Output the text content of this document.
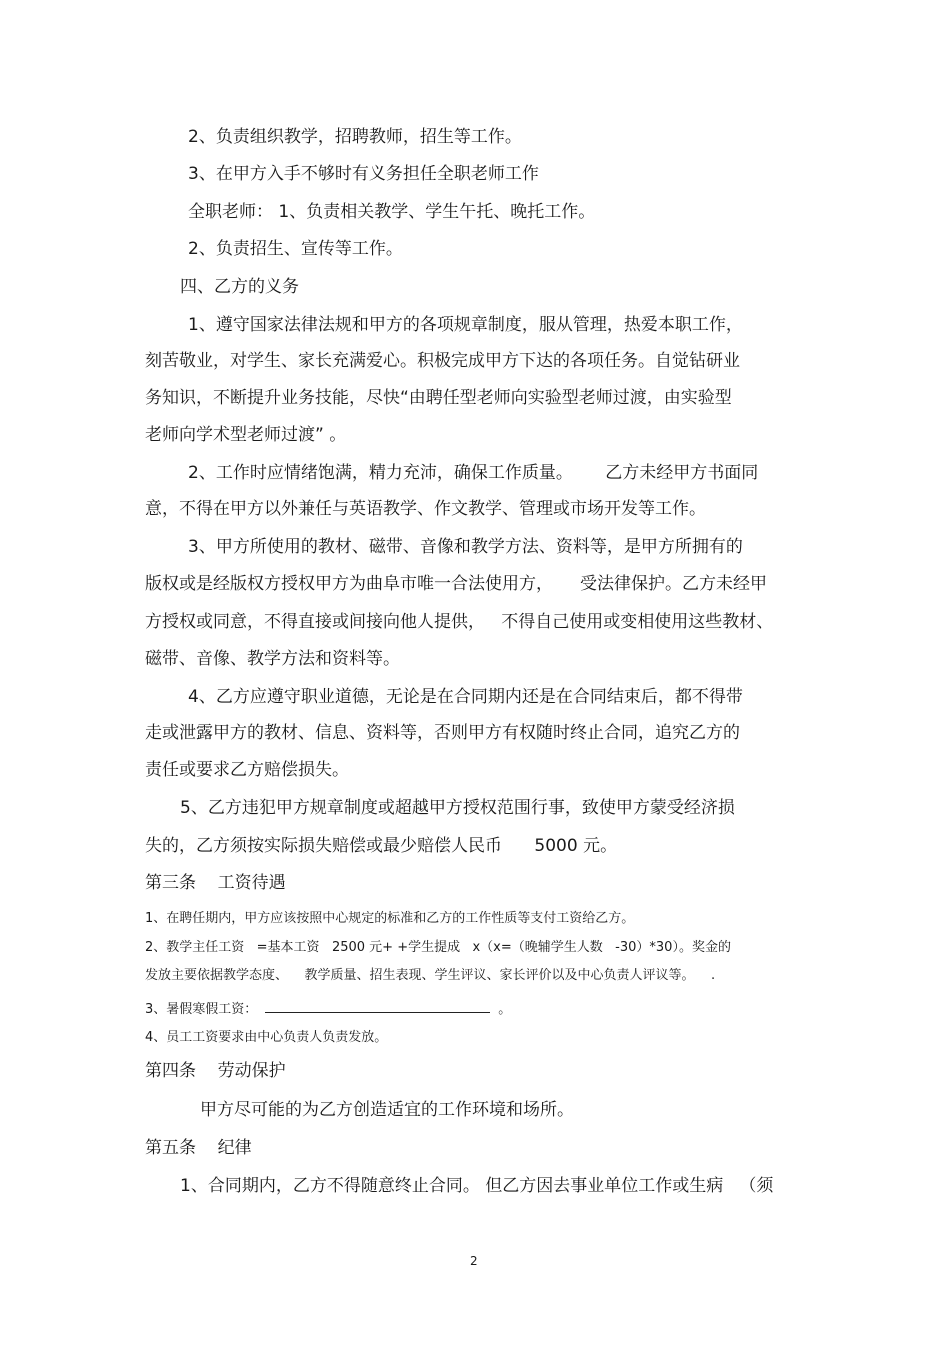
2、负责组织教学，招聘教师，招生等工作。
3、在甲方入手不够时有义务担任全职老师工作
全职老师： 1、负责相关教学、学生午托、晚托工作。
2、负责招生、宣传等工作。
四、乙方的义务
1、遵守国家法律法规和甲方的各项规章制度，服从管理，热爱本职工作，
刻苦敬业，对学生、家长充满爱心。积极完成甲方下达的各项任务。自觉钻研业
务知识，不断提升业务技能，尽快“由聘任型老师向实验型老师过渡，由实验型
老师向学术型老师过渡” 。
2、工作时应情绪饱满，精力充沛，确保工作质量。      乙方未经甲方书面同
意，不得在甲方以外兼任与英语教学、作文教学、管理或市场开发等工作。
3、甲方所使用的教材、磁带、音像和教学方法、资料等，是甲方所拥有的
版权或是经版权方授权甲方为曲阜市唯一合法使用方，     受法律保护。乙方未经甲
方授权或同意，不得直接或间接向他人提供，   不得自己使用或变相使用这些教材、
磁带、音像、教学方法和资料等。
4、乙方应遵守职业道德，无论是在合同期内还是在合同结束后，都不得带
走或泄露甲方的教材、信息、资料等，否则甲方有权随时终止合同，追究乙方的
责任或要求乙方赔偿损失。
5、乙方违犯甲方规章制度或超越甲方授权范围行事，致使甲方蒙受经济损
失的，乙方须按实际损失赔偿或最少赔偿人民币      5000 元。
第三条    工资待遇
1、在聘任期内，甲方应该按照中心规定的标准和乙方的工作性质等支付工资给乙方。
2、教学主任工资   =基本工资   2500 元+ +学生提成   x（x=（晚辅学生人数   -30）*30）。奖金的
发放主要依据教学态度、    教学质量、招生表现、学生评议、家长评价以及中心负责人评议等。    .
3、暑假寒假工资：	。
4、员工工资要求由中心负责人负责发放。
第四条    劳动保护
甲方尽可能的为乙方创造适宜的工作环境和场所。
第五条    纪律
1、合同期内，乙方不得随意终止合同。 但乙方因去事业单位工作或生病   （须
2
